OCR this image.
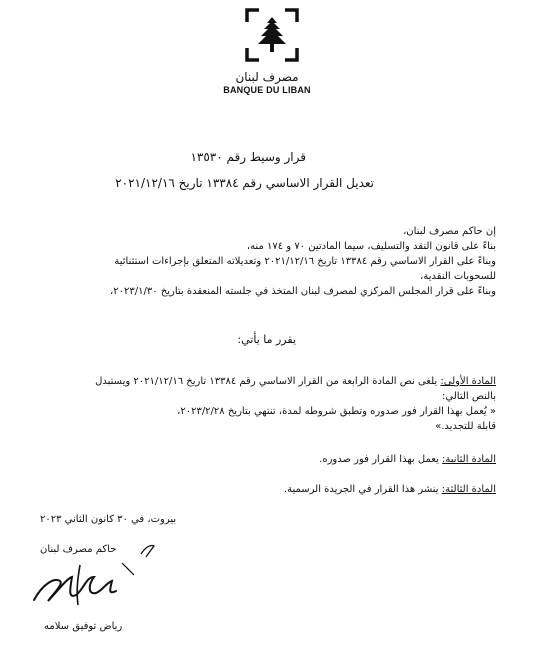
مصرف لبنان
BANQUE DU LIBAN
قرار وسيط رقم ١٣٥٣٠
تعديل القرار الاساسي رقم ١٣٣٨٤ تاريخ ٢٠٢١/١٢/١٦
إن حاكم مصرف لبنان،
بناءً على قانون النقد والتسليف، سيما المادتين ٧٠ و ١٧٤ منه،
وبناءً على القرار الاساسي رقم ١٣٣٨٤ تاريخ ٢٠٢١/١٢/١٦ وتعديلاته المتعلق بإجراءات استثنائية
للسحوبات النقدية،
وبناءً على قرار المجلس المركزي لمصرف لبنان المتخذ في جلسته المنعقدة بتاريخ ٢٠٢٣/١/٣٠،
يقرر ما يأتي:
المادة الأولى: يلغى نص المادة الرابعة من القرار الاساسي رقم ١٣٣٨٤ تاريخ ٢٠٢١/١٢/١٦ ويستبدل
بالنص التالي:
« يُعمل بهذا القرار فور صدوره وتطبق شروطه لمدة، تنتهي بتاريخ ٢٠٢٣/٢/٢٨،
قابلة للتجديد.»
المادة الثانية: يعمل بهذا القرار فور صدوره.
المادة الثالثة: ينشر هذا القرار في الجريدة الرسمية.
بيروت، في ٣٠ كانون الثاني ٢٠٢٣
حاكم مصرف لبنان
رياض توفيق سلامه
